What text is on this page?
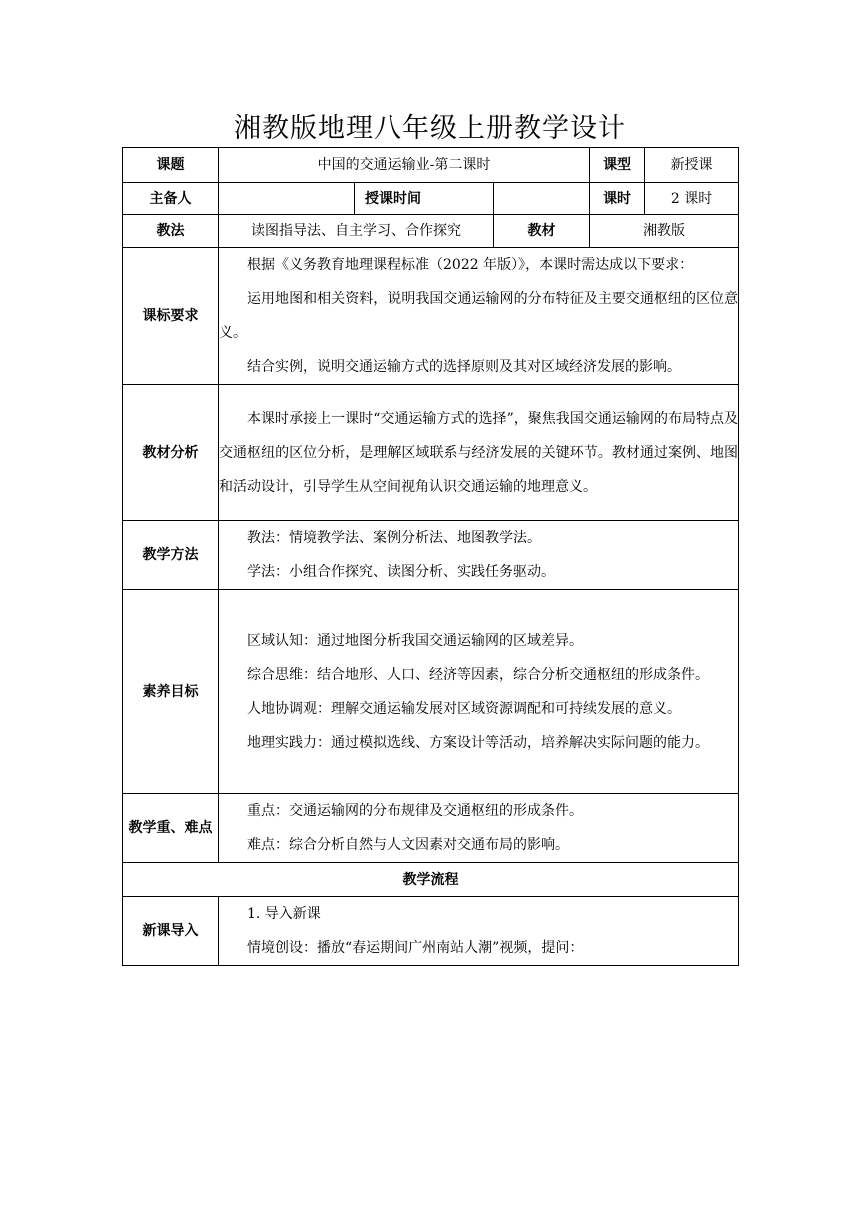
湘教版地理八年级上册教学设计
课题	中国的交通运输业-第二课时			课型	新授课
主备人		授课时间		课时	2 课时
教法	读图指导法、自主学习、合作探究		教材	湘教版	
课标要求	根据《义务教育地理课程标准（2022 年版）》，本课时需达成以下要求：

运用地图和相关资料，说明我国交通运输网的分布特征及主要交通枢纽的区位意义。

结合实例，说明交通运输方式的选择原则及其对区域经济发展的影响。				

教材分析	本课时承接上一课时“交通运输方式的选择”，聚焦我国交通运输网的布局特点及交通枢纽的区位分析，是理解区域联系与经济发展的关键环节。教材通过案例、地图和活动设计，引导学生从空间视角认识交通运输的地理意义。				

教学方法	教法：情境教学法、案例分析法、地图教学法。

学法：小组合作探究、读图分析、实践任务驱动。				

素养目标	区域认知：通过地图分析我国交通运输网的区域差异。

综合思维：结合地形、人口、经济等因素，综合分析交通枢纽的形成条件。

人地协调观：理解交通运输发展对区域资源调配和可持续发展的意义。

地理实践力：通过模拟选线、方案设计等活动，培养解决实际问题的能力。				

教学重、难点	重点：交通运输网的分布规律及交通枢纽的形成条件。

难点：综合分析自然与人文因素对交通布局的影响。				

教学流程					
新课导入	1. 导入新课

情境创设：播放“春运期间广州南站人潮”视频，提问：				
